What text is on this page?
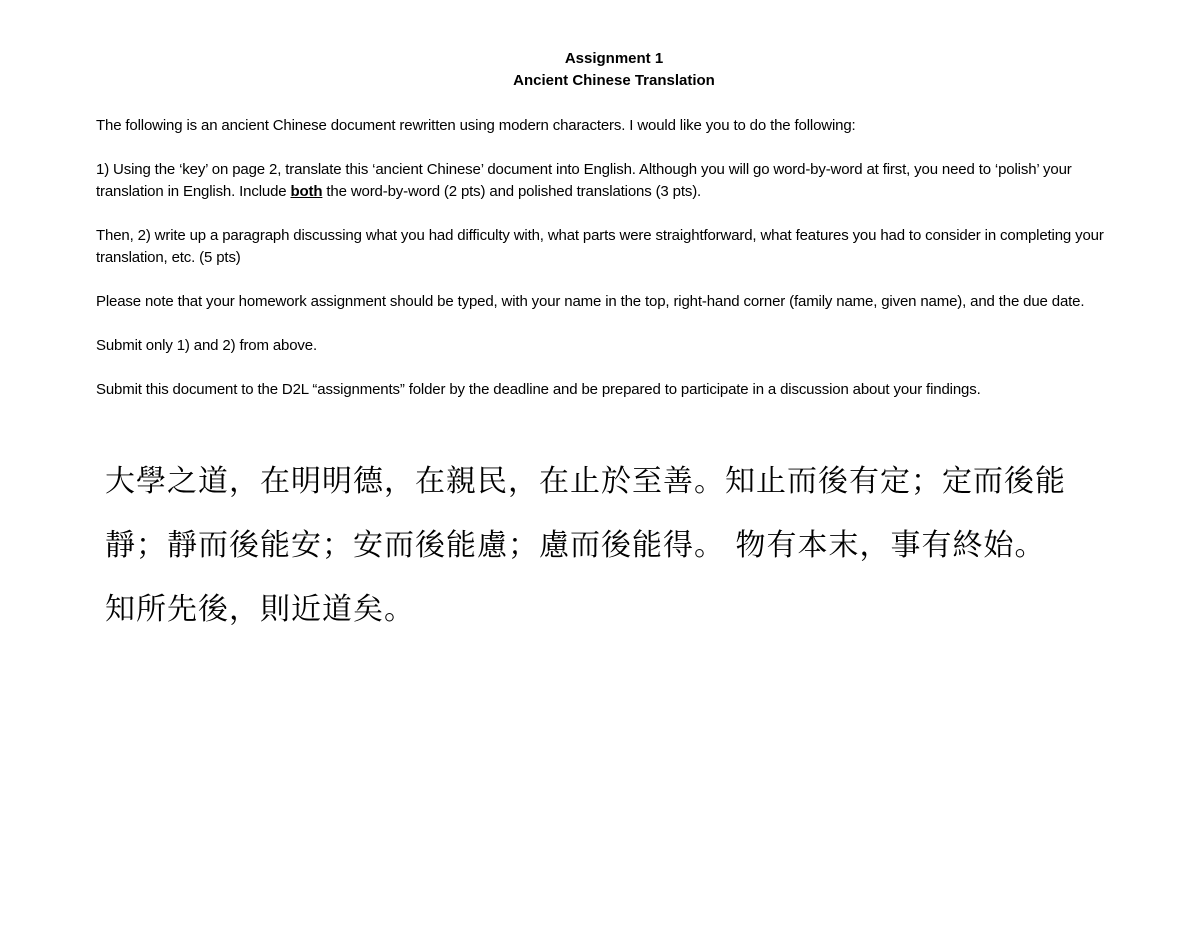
Assignment 1
Ancient Chinese Translation

The following is an ancient Chinese document rewritten using modern characters. I would like you to do the following:

1) Using the ‘key’ on page 2, translate this ‘ancient Chinese’ document into English. Although you will go word-by-word at first, you need to ‘polish’ your translation in English. Include both the word-by-word (2 pts) and polished translations (3 pts).

Then, 2) write up a paragraph discussing what you had difficulty with, what parts were straightforward, what features you had to consider in completing your translation, etc. (5 pts)

Please note that your homework assignment should be typed, with your name in the top, right-hand corner (family name, given name), and the due date.

Submit only 1) and 2) from above.

Submit this document to the D2L “assignments” folder by the deadline and be prepared to participate in a discussion about your findings.

大學之道，在明明德，在親民，在止於至善。知止而後有定；定而後能
靜；靜而後能安；安而後能慮；慮而後能得。 物有本末，事有終始。
知所先後，則近道矣。
